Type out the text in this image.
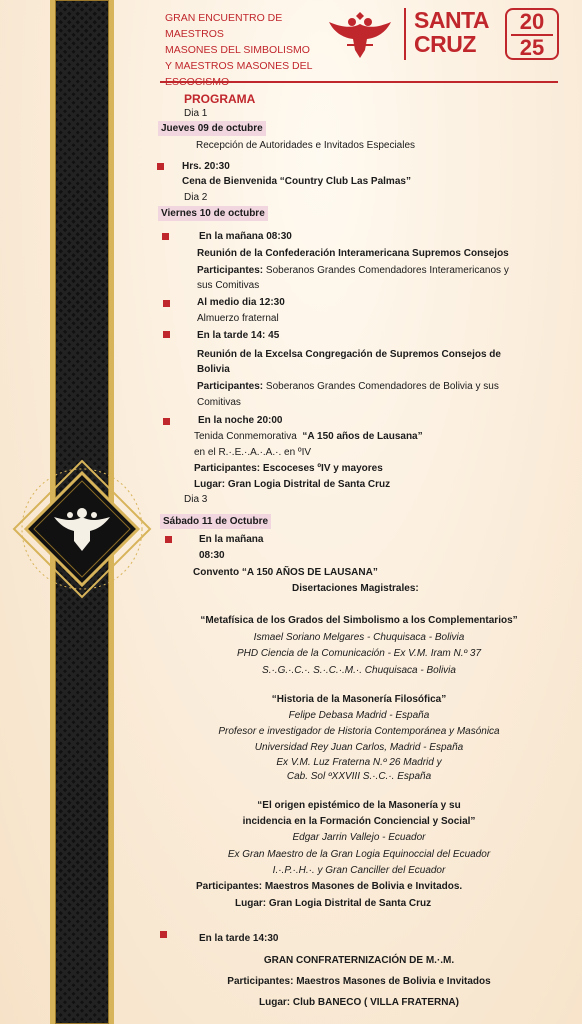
GRAN ENCUENTRO DE MAESTROS
MASONES DEL SIMBOLISMO
Y MAESTROS MASONES DEL
SANTA
CRUZ
20
25
PROGRAMA
Dia 1
Jueves 09 de octubre
Recepción de Autoridades e Invitados Especiales
Hrs. 20:30
Cena de Bienvenida “Country Club Las Palmas”
Dia 2
Viernes 10 de octubre
En la mañana 08:30
Reunión de la Confederación Interamericana Supremos Consejos
Participantes: Soberanos Grandes Comendadores Interamericanos y
sus Comitivas
Al medio dia 12:30
Almuerzo fraternal
En la tarde 14: 45
Reunión de la Excelsa Congregación de Supremos Consejos de
Bolivia
Participantes: Soberanos Grandes Comendadores de Bolivia y sus
Comitivas
En la noche 20:00
Tenida Conmemorativa “A 150 años de Lausana”
en el R.·.E.·.A.·.A.·. en ºIV
Participantes: Escoceses ºIV y mayores
Lugar: Gran Logia Distrital de Santa Cruz
Dia 3
Sábado 11 de Octubre
En la mañana
08:30
Convento “A 150 AÑOS DE LAUSANA”
Disertaciones Magistrales:
“Metafísica de los Grados del Simbolismo a los Complementarios”
Ismael Soriano Melgares - Chuquisaca - Bolivia
PHD Ciencia de la Comunicación - Ex V.M. Iram N.º 37
S.·.G.·.C.·. S.·.C.·.M.·. Chuquisaca - Bolivia
“Historia de la Masonería Filosófica”
Felipe Debasa Madrid - España
Profesor e investigador de Historia Contemporánea y Masónica
Universidad Rey Juan Carlos, Madrid - España
Ex V.M. Luz Fraterna N.º 26 Madrid y
Cab. Sol ºXXVIII S.·.C.·. España
“El origen epistémico de la Masonería y su
incidencia en la Formación Conciencial y Social”
Edgar Jarrin Vallejo - Ecuador
Ex Gran Maestro de la Gran Logia Equinoccial del Ecuador
I.·.P.·.H.·. y Gran Canciller del Ecuador
Participantes: Maestros Masones de Bolivia e Invitados.
Lugar: Gran Logia Distrital de Santa Cruz
En la tarde 14:30
GRAN CONFRATERNIZACIÓN DE M.·.M.
Participantes: Maestros Masones de Bolivia e Invitados
Lugar: Club BANECO ( VILLA FRATERNA)
